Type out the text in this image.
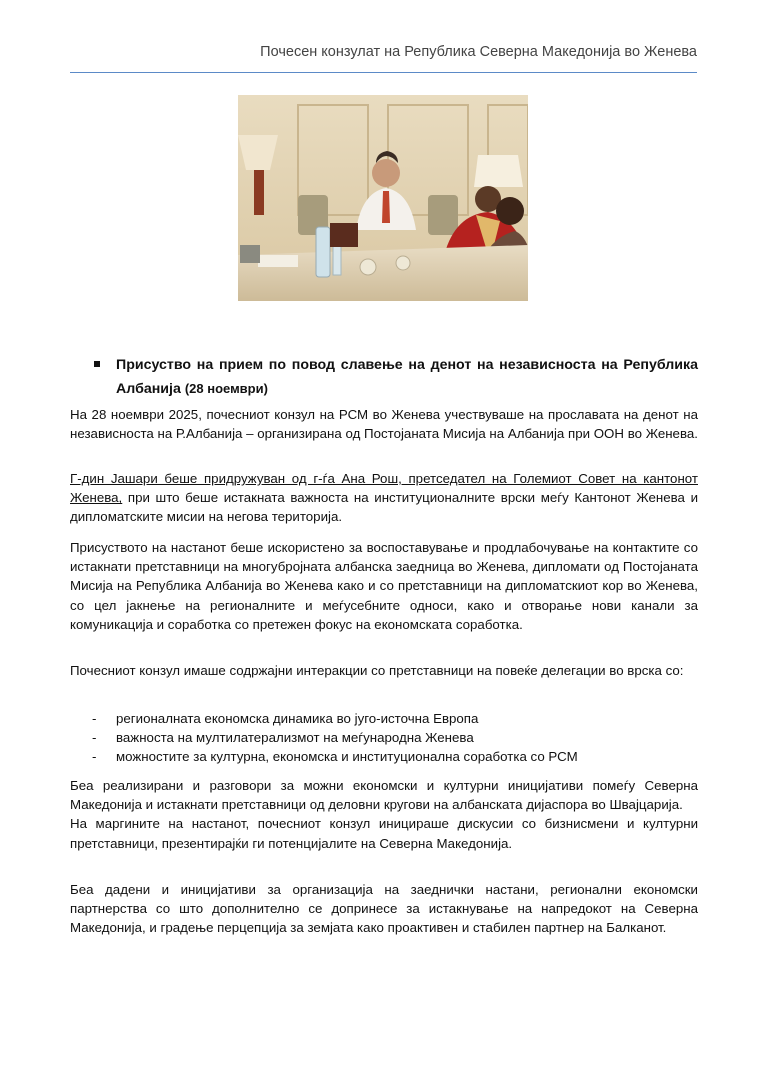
Почесен конзулат на Република Северна Македонија во Женева
Присуство на прием по повод славење на денот на независноста на Република Албанија (28 ноември)

На 28 ноември 2025, почесниот конзул на РСМ во Женева учествуваше на прославата на денот на независноста на Р.Албанија – организирана од Постојаната Мисија на Албанија при ООН во Женева.

Г-дин Јашари беше придружуван од г-ѓа Ана Рош, претседател на Големиот Совет на кантонот Женева, при што беше истакната важноста на институционалните врски меѓу Кантонот Женева и дипломатските мисии на негова територија.

Присуството на настанот беше искористено за воспоставување и продлабочување на контактите со истакнати претставници на многубројната албанска заедница во Женева, дипломати од Постојаната Мисија на Република Албанија во Женева како и со претставници на дипломатскиот кор во Женева, со цел јакнење на регионалните и меѓусебните односи, како и отворање нови канали за комуникација и соработка со претежен фокус на економската соработка.

Почесниот конзул имаше содржајни интеракции со претставници на повеќе делегации во врска со:

- регионалната економска динамика во југо-источна Европа
- важноста на мултилатерализмот на меѓународна Женева
- можностите за културна, економска и институционална соработка со РСМ

Беа реализирани и разговори за можни економски и културни иницијативи помеѓу Северна Македонија и истакнати претставници од деловни кругови на албанската дијаспора во Швајцарија.

На маргините на настанот, почесниот конзул иницираше дискусии со бизнисмени и културни претставници, презентирајќи ги потенцијалите на Северна Македонија.

Беа дадени и иницијативи за организација на заеднички настани, регионални економски партнерства со што дополнително се допринесе за истакнување на напредокот на Северна Македонија, и градење перцепција за земјата како проактивен и стабилен партнер на Балканот.
